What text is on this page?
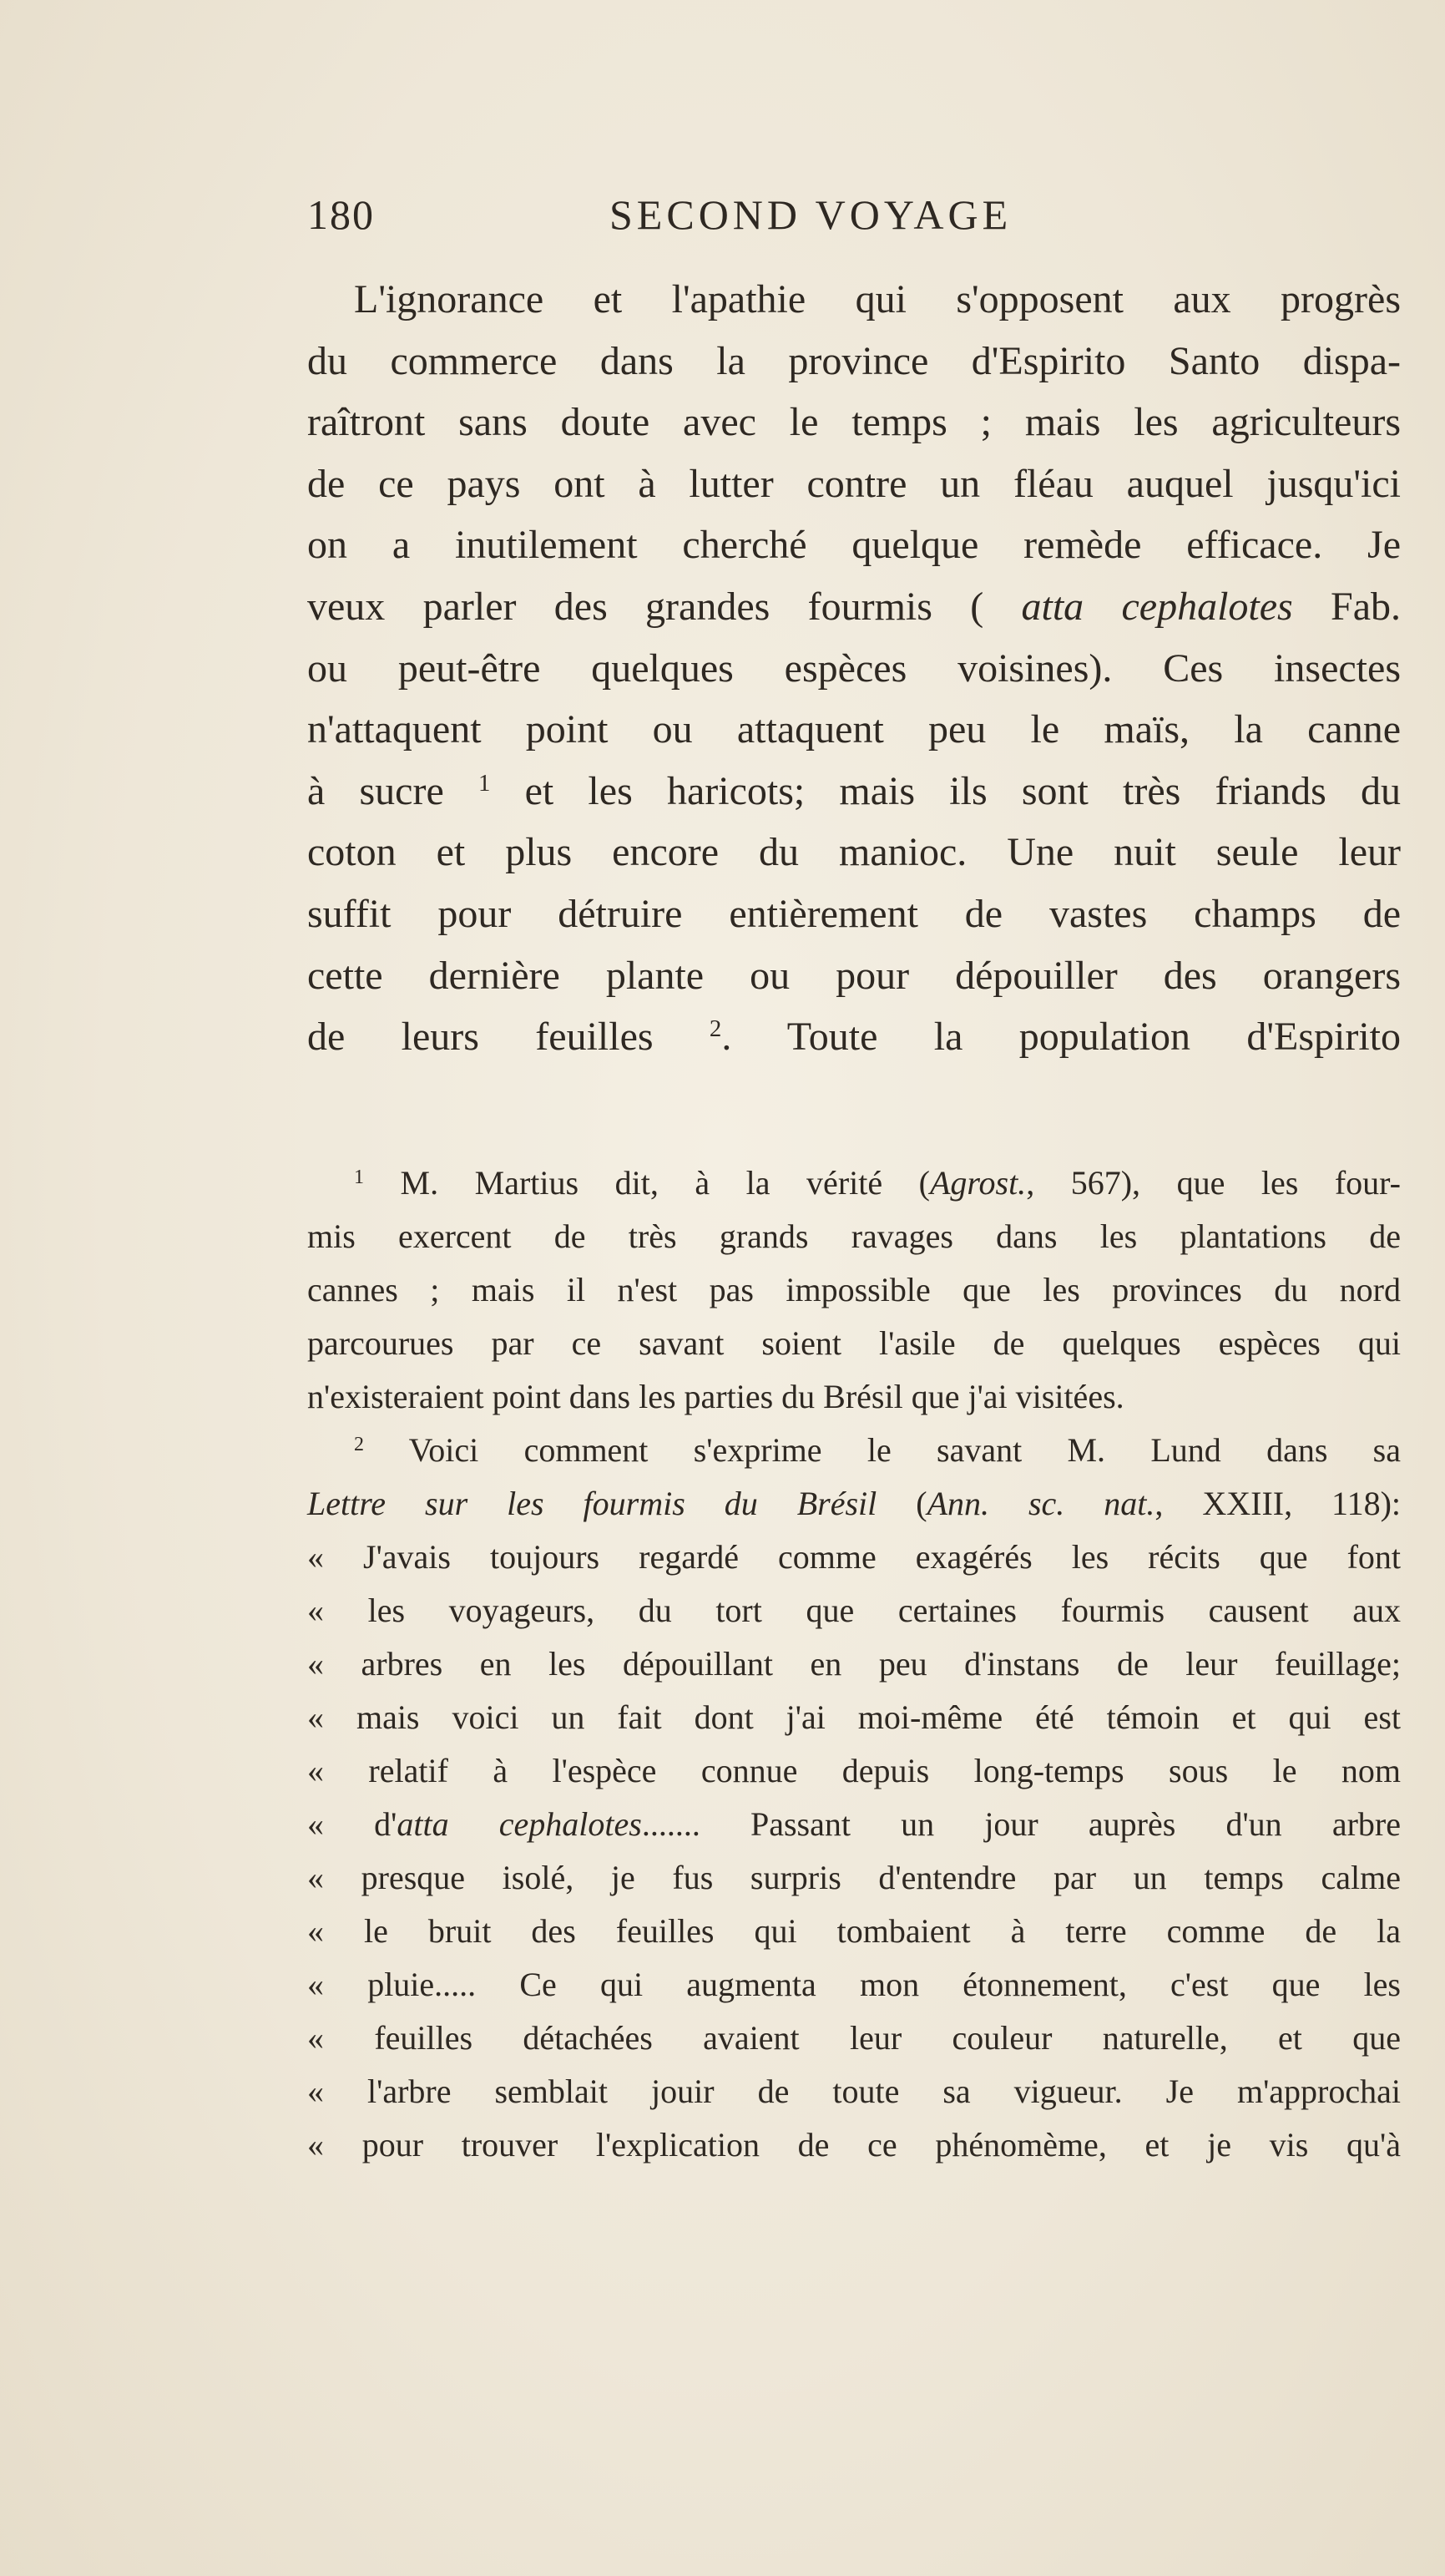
180	SECOND VOYAGE
L'ignorance et l'apathie qui s'opposent aux progrès
du commerce dans la province d'Espirito Santo dispa-
raîtront sans doute avec le temps ; mais les agriculteurs
de ce pays ont à lutter contre un fléau auquel jusqu'ici
on a inutilement cherché quelque remède efficace. Je
veux parler des grandes fourmis ( atta cephalotes Fab.
ou peut-être quelques espèces voisines). Ces insectes
n'attaquent point ou attaquent peu le maïs, la canne
à sucre $^1$ et les haricots; mais ils sont très friands du
coton et plus encore du manioc. Une nuit seule leur
suffit pour détruire entièrement de vastes champs de
cette dernière plante ou pour dépouiller des orangers
de leurs feuilles $^2$. Toute la population d'Espirito
$^1$ M. Martius dit, à la vérité (Agrost., 567), que les four-
mis exercent de très grands ravages dans les plantations de
cannes ; mais il n'est pas impossible que les provinces du nord
parcourues par ce savant soient l'asile de quelques espèces qui
n'existeraient point dans les parties du Brésil que j'ai visitées.
$^2$ Voici comment s'exprime le savant M. Lund dans sa
Lettre sur les fourmis du Brésil (Ann. sc. nat., XXIII, 118):
« J'avais toujours regardé comme exagérés les récits que font
« les voyageurs, du tort que certaines fourmis causent aux
« arbres en les dépouillant en peu d'instans de leur feuillage;
« mais voici un fait dont j'ai moi-même été témoin et qui est
« relatif à l'espèce connue depuis long-temps sous le nom
« d'atta cephalotes....... Passant un jour auprès d'un arbre
« presque isolé, je fus surpris d'entendre par un temps calme
« le bruit des feuilles qui tombaient à terre comme de la
« pluie..... Ce qui augmenta mon étonnement, c'est que les
« feuilles détachées avaient leur couleur naturelle, et que
« l'arbre semblait jouir de toute sa vigueur. Je m'approchai
« pour trouver l'explication de ce phénomème, et je vis qu'à
